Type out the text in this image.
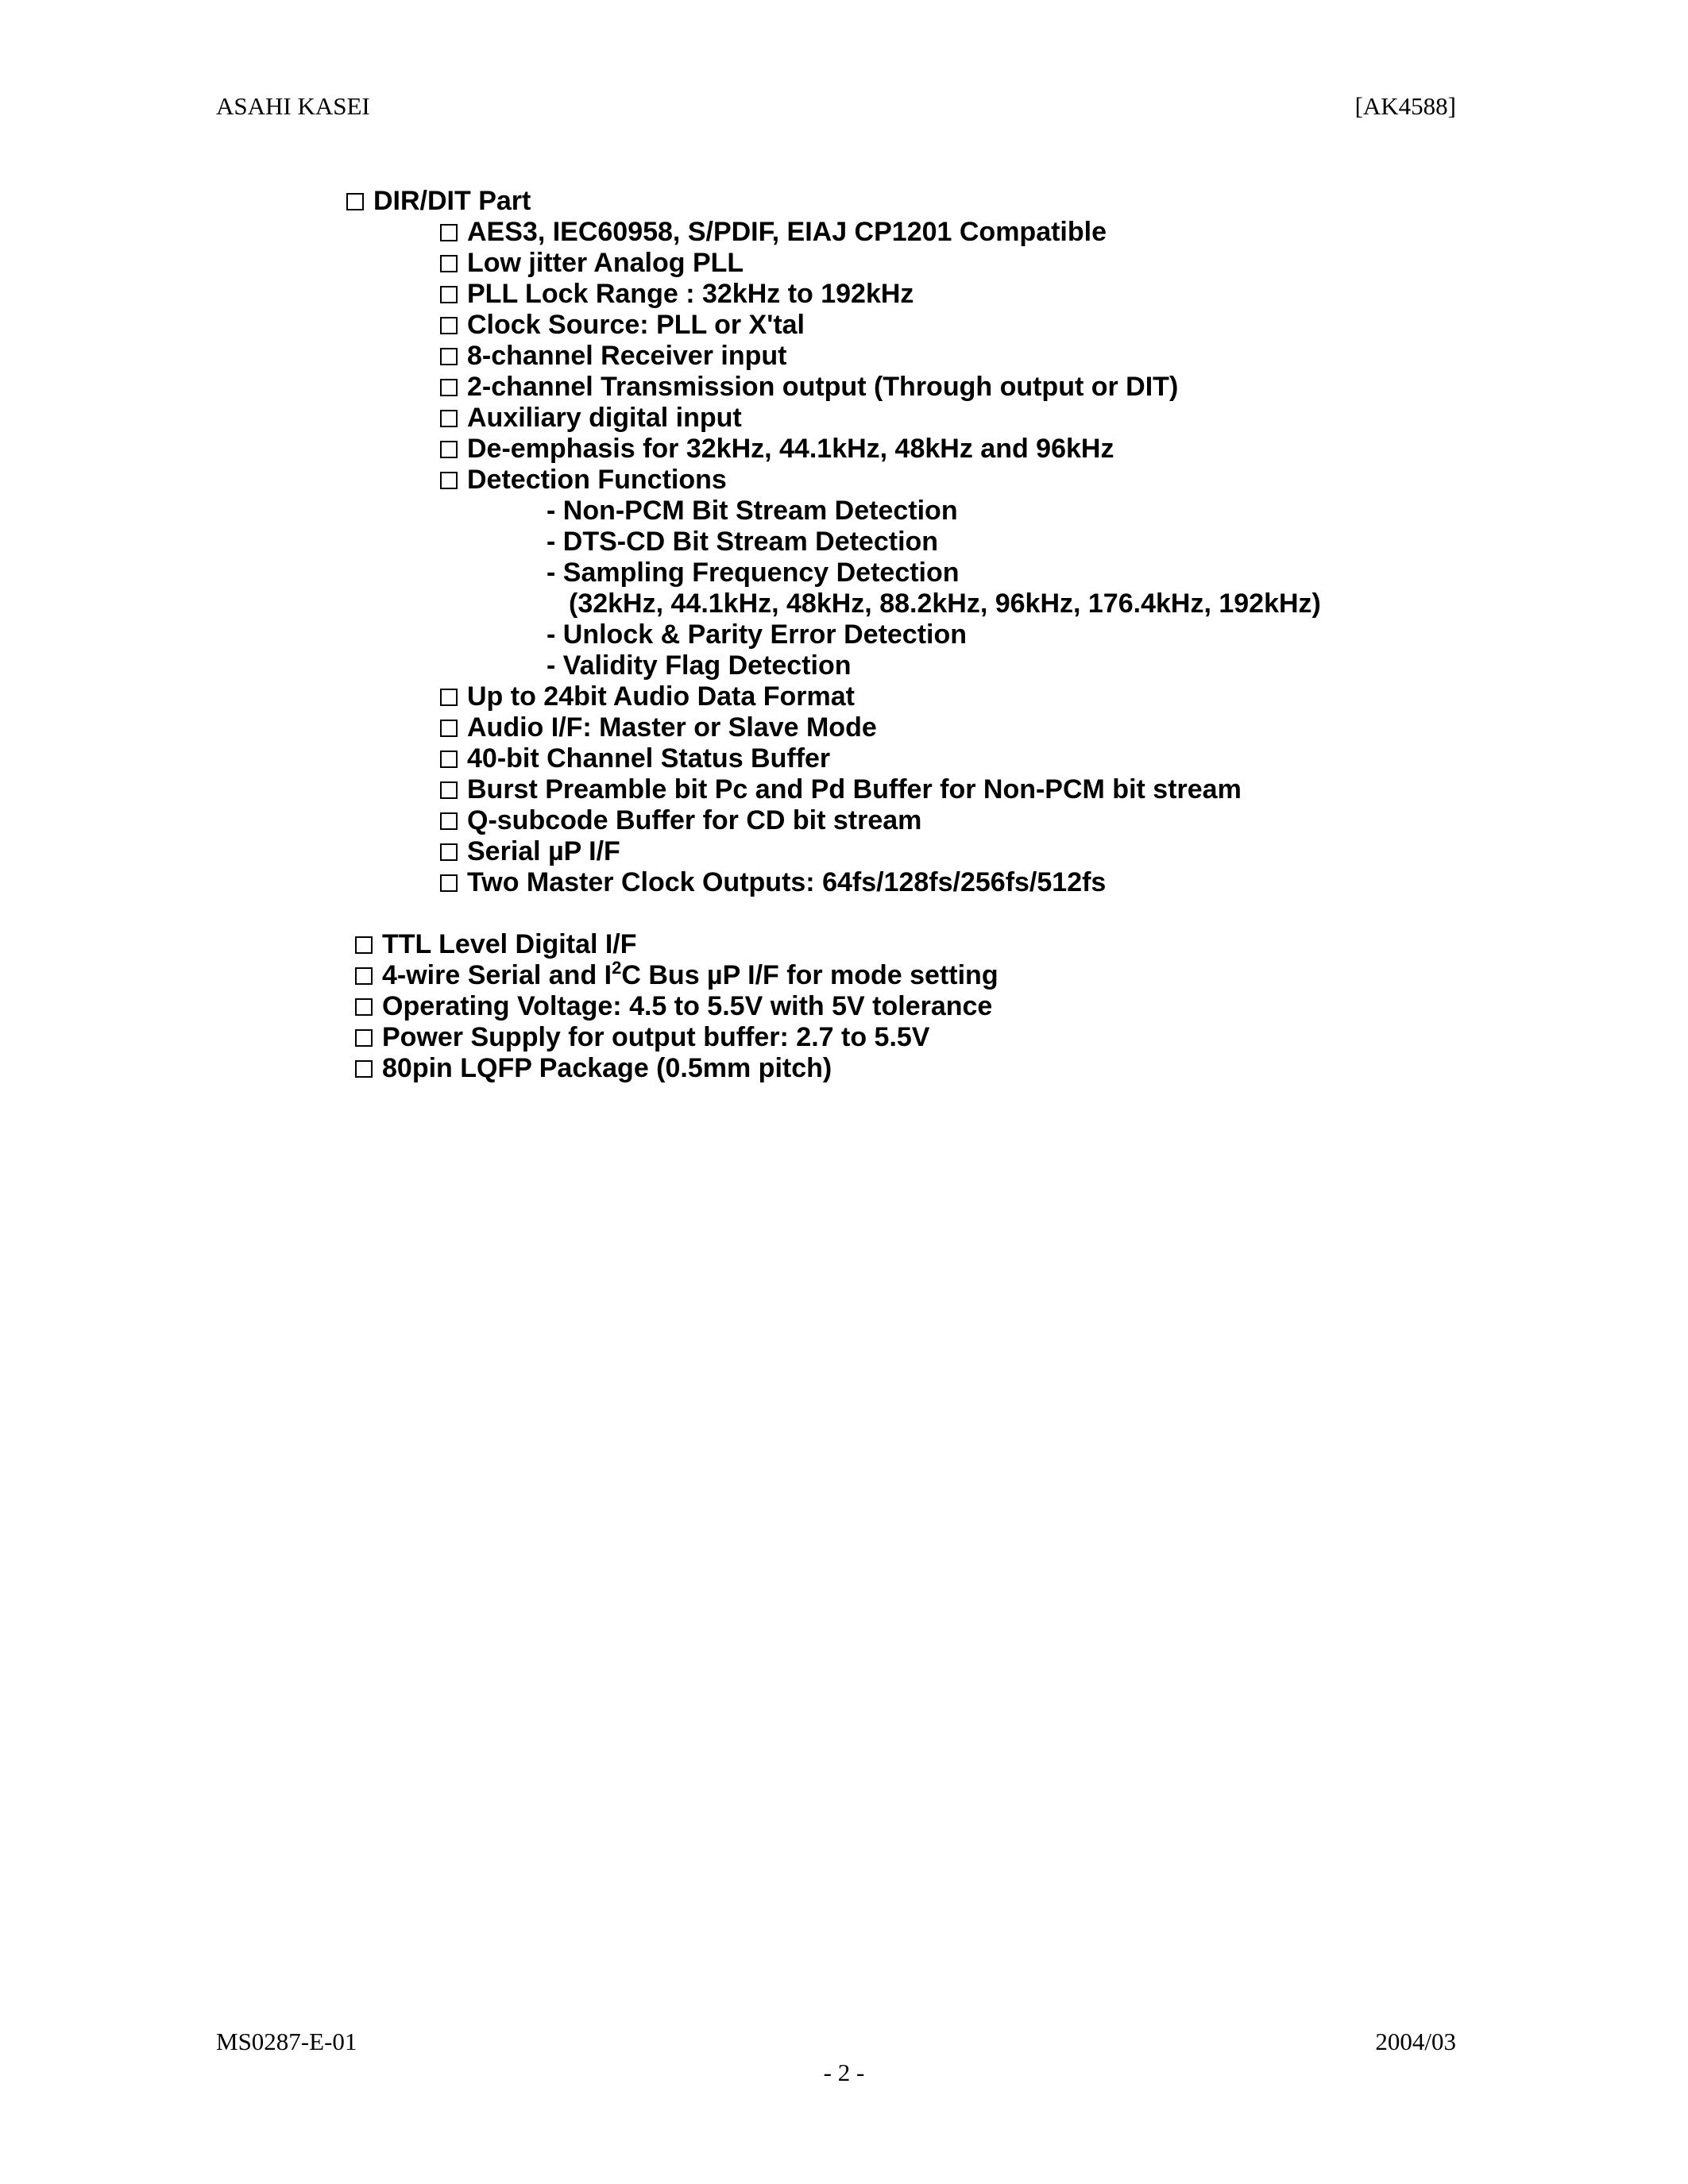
ASAHI KASEI	[AK4588]
DIR/DIT Part
AES3, IEC60958, S/PDIF, EIAJ CP1201 Compatible
Low jitter Analog PLL
PLL Lock Range : 32kHz to 192kHz
Clock Source: PLL or X'tal
8-channel Receiver input
2-channel Transmission output (Through output or DIT)
Auxiliary digital input
De-emphasis for 32kHz, 44.1kHz, 48kHz and 96kHz
Detection Functions
- Non-PCM Bit Stream Detection
- DTS-CD Bit Stream Detection
- Sampling Frequency Detection
(32kHz, 44.1kHz, 48kHz, 88.2kHz, 96kHz, 176.4kHz, 192kHz)
- Unlock & Parity Error Detection
- Validity Flag Detection
Up to 24bit Audio Data Format
Audio I/F: Master or Slave Mode
40-bit Channel Status Buffer
Burst Preamble bit Pc and Pd Buffer for Non-PCM bit stream
Q-subcode Buffer for CD bit stream
Serial µP I/F
Two Master Clock Outputs: 64fs/128fs/256fs/512fs
TTL Level Digital I/F
4-wire Serial and $I^2C$ Bus µP I/F for mode setting
Operating Voltage: 4.5 to 5.5V with 5V tolerance
Power Supply for output buffer: 2.7 to 5.5V
80pin LQFP Package (0.5mm pitch)
MS0287-E-01	2004/03
- 2 -
